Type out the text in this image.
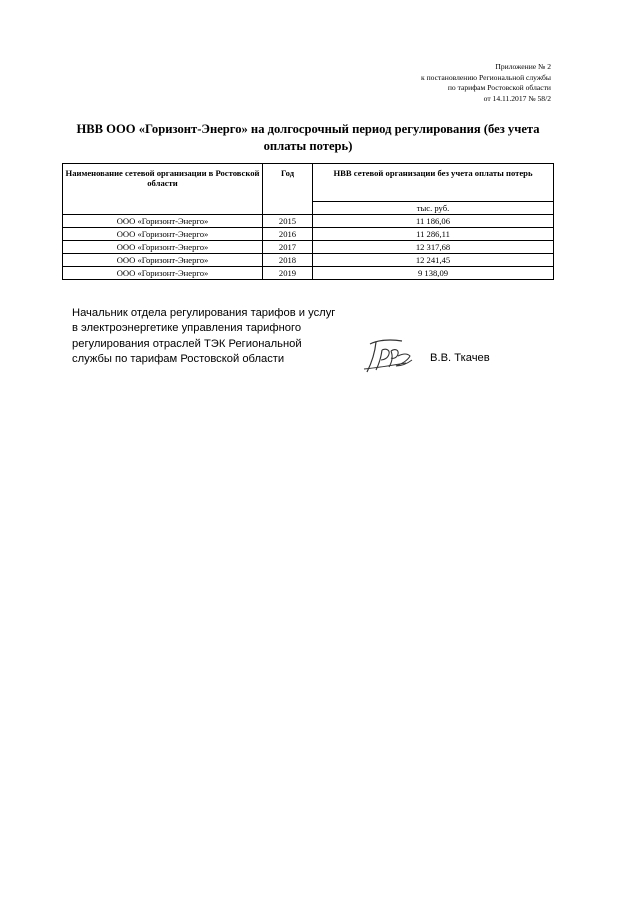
Приложение № 2
к постановлению Региональной службы
по тарифам Ростовской области
от 14.11.2017 № 58/2
НВВ ООО «Горизонт-Энерго» на долгосрочный период регулирования (без учета оплаты потерь)
Наименование сетевой организации в Ростовской области	Год	НВВ сетевой организации без учета оплаты потерь
		тыс. руб.
ООО «Горизонт-Энерго»	2015	11 186,06
ООО «Горизонт-Энерго»	2016	11 286,11
ООО «Горизонт-Энерго»	2017	12 317,68
ООО «Горизонт-Энерго»	2018	12 241,45
ООО «Горизонт-Энерго»	2019	9 138,09
Начальник отдела регулирования тарифов и услуг
в электроэнергетике управления тарифного
регулирования отраслей ТЭК Региональной
службы по тарифам Ростовской области	В.В. Ткачев
